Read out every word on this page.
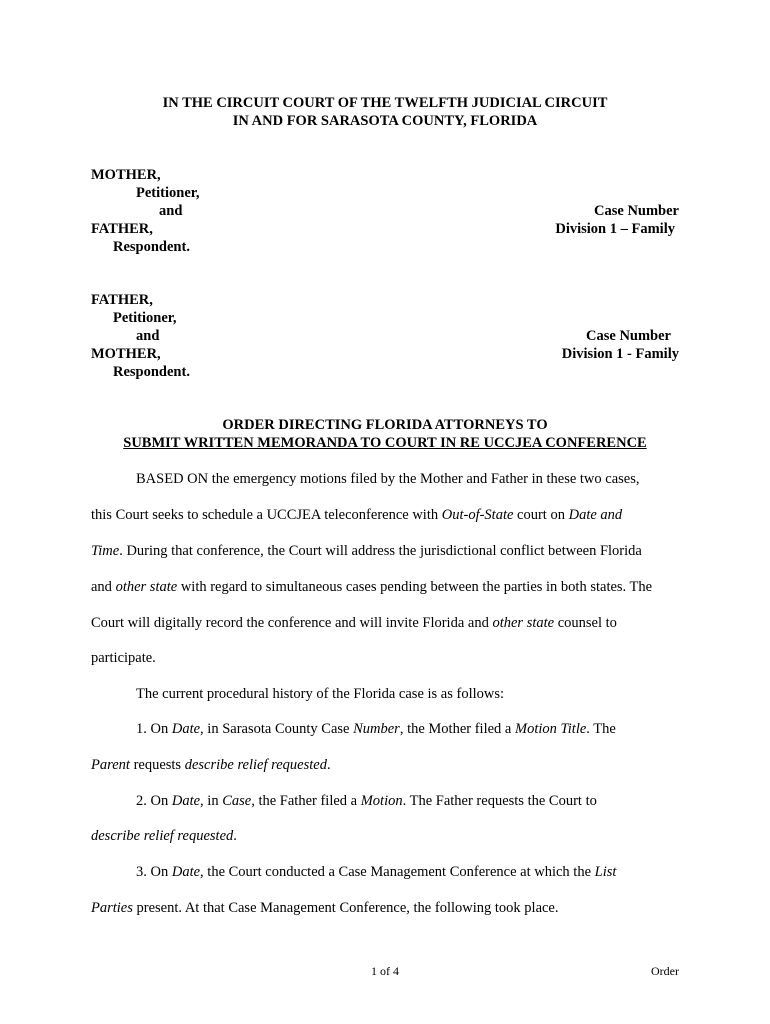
IN THE CIRCUIT COURT OF THE TWELFTH JUDICIAL CIRCUIT
IN AND FOR SARASOTA COUNTY, FLORIDA
MOTHER,
Petitioner,
and	Case Number
FATHER,	Division 1 – Family
Respondent.
FATHER,
Petitioner,
and	Case Number
MOTHER,	Division 1 - Family
Respondent.
ORDER DIRECTING FLORIDA ATTORNEYS TO
SUBMIT WRITTEN MEMORANDA TO COURT IN RE UCCJEA CONFERENCE
BASED ON the emergency motions filed by the Mother and Father in these two cases,
this Court seeks to schedule a UCCJEA teleconference with Out-of-State court on Date and
Time. During that conference, the Court will address the jurisdictional conflict between Florida
and other state with regard to simultaneous cases pending between the parties in both states. The
Court will digitally record the conference and will invite Florida and other state counsel to
participate.
The current procedural history of the Florida case is as follows:
1. On Date, in Sarasota County Case Number, the Mother filed a Motion Title. The
Parent requests describe relief requested.
2. On Date, in Case, the Father filed a Motion. The Father requests the Court to
describe relief requested.
3. On Date, the Court conducted a Case Management Conference at which the List
Parties present. At that Case Management Conference, the following took place.
1 of 4	Order
